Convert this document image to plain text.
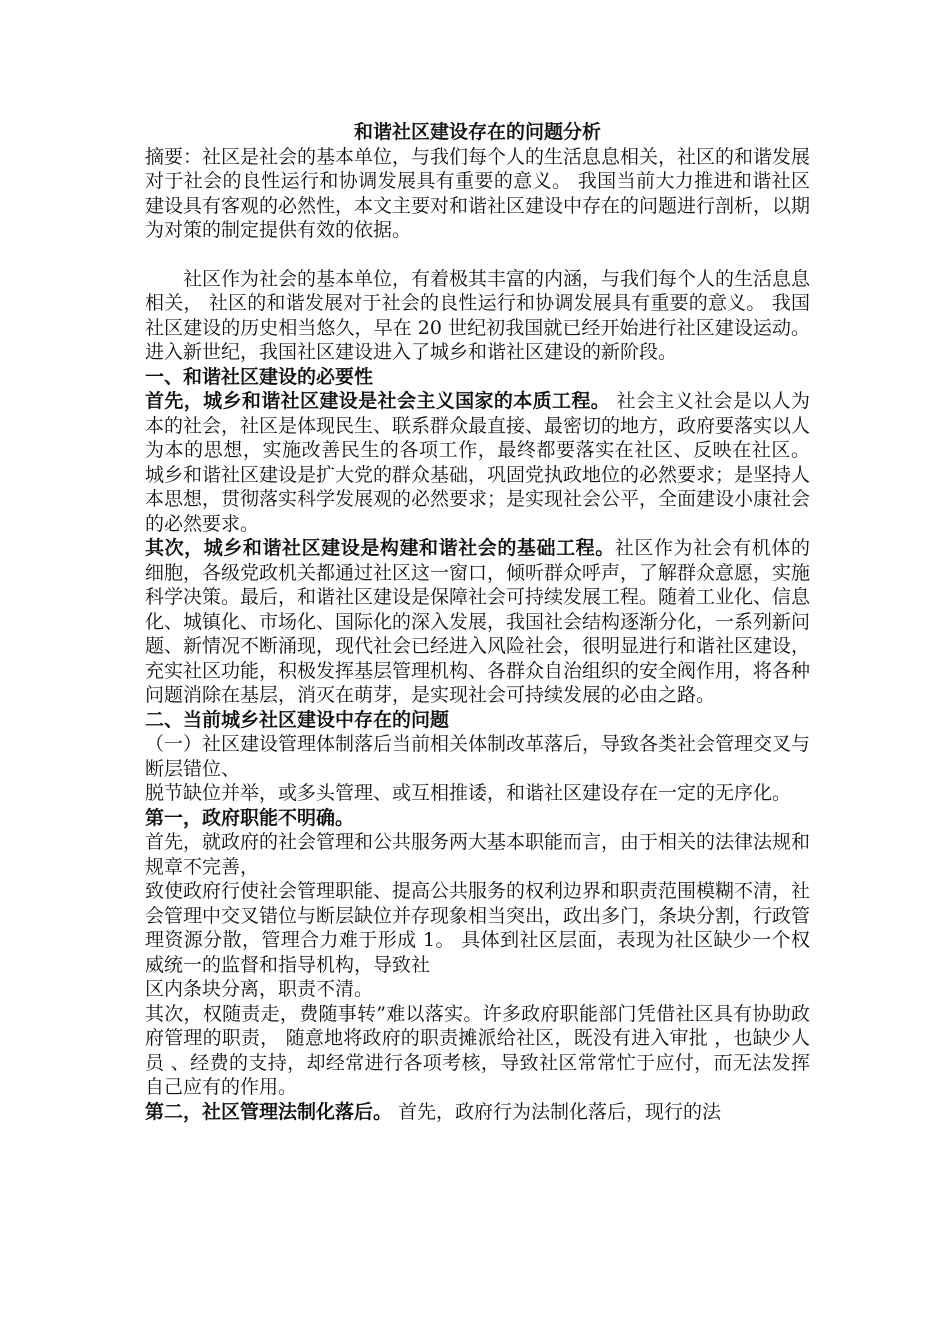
和谐社区建设存在的问题分析

摘要：社区是社会的基本单位，与我们每个人的生活息息相关，社区的和谐发展对于社会的良性运行和协调发展具有重要的意义。 我国当前大力推进和谐社区建设具有客观的必然性，本文主要对和谐社区建设中存在的问题进行剖析，以期为对策的制定提供有效的依据。

社区作为社会的基本单位，有着极其丰富的内涵，与我们每个人的生活息息相关， 社区的和谐发展对于社会的良性运行和协调发展具有重要的意义。 我国社区建设的历史相当悠久，早在 20 世纪初我国就已经开始进行社区建设运动。 进入新世纪，我国社区建设进入了城乡和谐社区建设的新阶段。

一、和谐社区建设的必要性

首先，城乡和谐社区建设是社会主义国家的本质工程。 社会主义社会是以人为本的社会，社区是体现民生、联系群众最直接、最密切的地方，政府要落实以人为本的思想，实施改善民生的各项工作，最终都要落实在社区、反映在社区。 城乡和谐社区建设是扩大党的群众基础，巩固党执政地位的必然要求；是坚持人本思想，贯彻落实科学发展观的必然要求；是实现社会公平，全面建设小康社会的必然要求。

其次，城乡和谐社区建设是构建和谐社会的基础工程。社区作为社会有机体的细胞，各级党政机关都通过社区这一窗口，倾听群众呼声，了解群众意愿，实施科学决策。最后，和谐社区建设是保障社会可持续发展工程。随着工业化、信息化、城镇化、市场化、国际化的深入发展，我国社会结构逐渐分化，一系列新问题、新情况不断涌现，现代社会已经进入风险社会，很明显进行和谐社区建设，充实社区功能，积极发挥基层管理机构、各群众自治组织的安全阀作用，将各种问题消除在基层，消灭在萌芽，是实现社会可持续发展的必由之路。

二、当前城乡社区建设中存在的问题

（一）社区建设管理体制落后当前相关体制改革落后，导致各类社会管理交叉与断层错位、

脱节缺位并举，或多头管理、或互相推诿，和谐社区建设存在一定的无序化。

第一，政府职能不明确。

首先，就政府的社会管理和公共服务两大基本职能而言，由于相关的法律法规和规章不完善，

致使政府行使社会管理职能、提高公共服务的权利边界和职责范围模糊不清，社会管理中交叉错位与断层缺位并存现象相当突出，政出多门，条块分割，行政管理资源分散，管理合力难于形成 1。 具体到社区层面，表现为社区缺少一个权威统一的监督和指导机构，导致社

区内条块分离，职责不清。

其次，权随责走，费随事转”难以落实。许多政府职能部门凭借社区具有协助政府管理的职责， 随意地将政府的职责摊派给社区，既没有进入审批 ，也缺少人员 、经费的支持，却经常进行各项考核，导致社区常常忙于应付，而无法发挥自己应有的作用。

第二，社区管理法制化落后。 首先，政府行为法制化落后，现行的法
